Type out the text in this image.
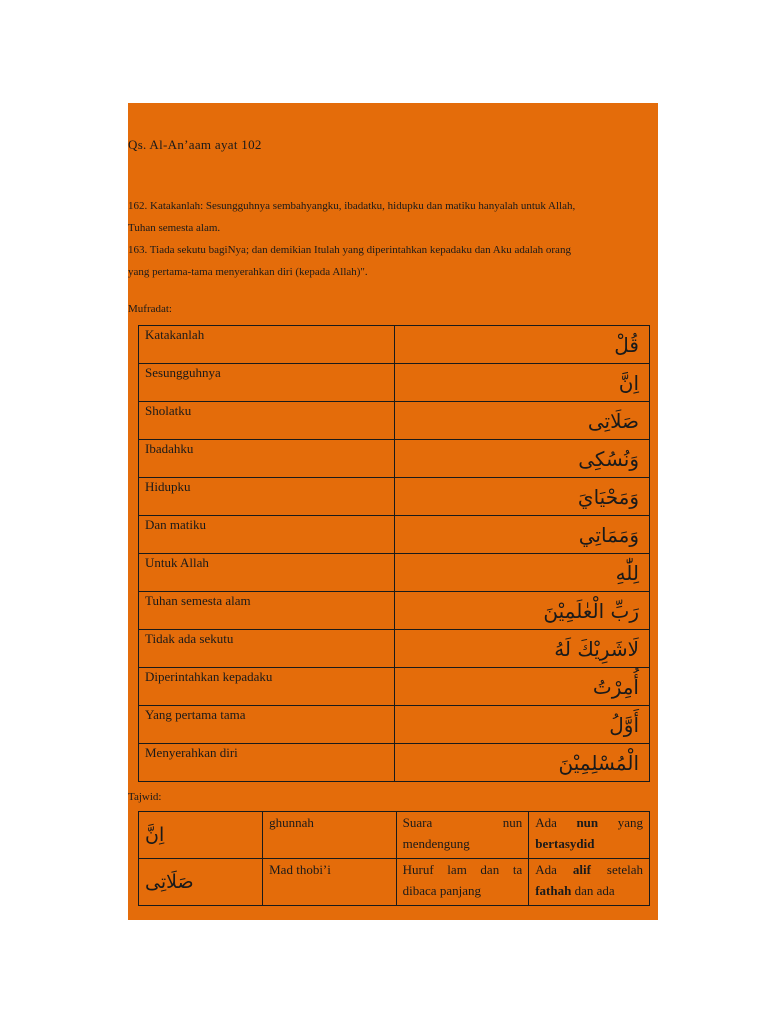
Qs. Al-An’aam ayat 102

162. Katakanlah: Sesungguhnya sembahyangku, ibadatku, hidupku dan matiku hanyalah untuk Allah,

Tuhan semesta alam.

163. Tiada sekutu bagiNya; dan demikian Itulah yang diperintahkan kepadaku dan Aku adalah orang

yang pertama-tama menyerahkan diri (kepada Allah)".

Mufradat:
Katakanlah	قُلْ
Sesungguhnya	اِنَّ
Sholatku	صَلَاتِى
Ibadahku	وَنُسُكِى
Hidupku	وَمَحْيَايَ
Dan matiku	وَمَمَاتِي
Untuk Allah	لِلّٰهِ
Tuhan semesta alam	رَبِّ الْعٰلَمِيْنَ
Tidak ada sekutu	لَاشَرِيْكَ لَهُ
Diperintahkan kepadaku	أُمِرْتُ
Yang pertama tama	أَوَّلُ
Menyerahkan diri	الْمُسْلِمِيْنَ
Tajwid:
اِنَّ	ghunnah	Suara nun mendengung	Ada nun yang bertasydid

صَلَاتِى	Mad thobi’i	Huruf lam dan ta dibaca panjang	Ada alif setelah fathah dan ada
